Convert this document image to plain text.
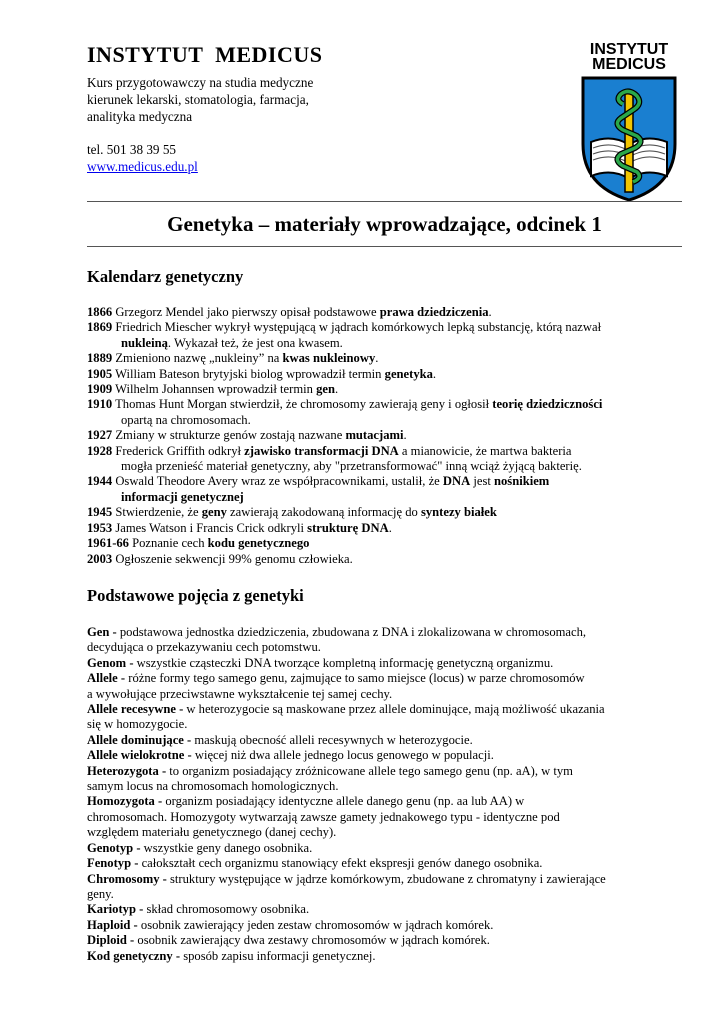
INSTYTUT MEDICUS
Kurs przygotowawczy na studia medyczne
kierunek lekarski, stomatologia, farmacja,
analityka medyczna
tel. 501 38 39 55
www.medicus.edu.pl
INSTYTUT
MEDICUS
Genetyka – materiały wprowadzające, odcinek 1
Kalendarz genetyczny
1866 Grzegorz Mendel jako pierwszy opisał podstawowe prawa dziedziczenia.
1869 Friedrich Miescher wykrył występującą w jądrach komórkowych lepką substancję, którą nazwał
nukleiną. Wykazał też, że jest ona kwasem.
1889 Zmieniono nazwę „nukleiny” na kwas nukleinowy.
1905 William Bateson brytyjski biolog wprowadził termin genetyka.
1909 Wilhelm Johannsen wprowadził termin gen.
1910 Thomas Hunt Morgan stwierdził, że chromosomy zawierają geny i ogłosił teorię dziedziczności
opartą na chromosomach.
1927 Zmiany w strukturze genów zostają nazwane mutacjami.
1928 Frederick Griffith odkrył zjawisko transformacji DNA a mianowicie, że martwa bakteria
mogła przenieść materiał genetyczny, aby "przetransformować" inną wciąż żyjącą bakterię.
1944 Oswald Theodore Avery wraz ze współpracownikami, ustalił, że DNA jest nośnikiem
informacji genetycznej
1945 Stwierdzenie, że geny zawierają zakodowaną informację do syntezy białek
1953 James Watson i Francis Crick odkryli strukturę DNA.
1961-66 Poznanie cech kodu genetycznego
2003 Ogłoszenie sekwencji 99% genomu człowieka.
Podstawowe pojęcia z genetyki
Gen - podstawowa jednostka dziedziczenia, zbudowana z DNA i zlokalizowana w chromosomach,
decydująca o przekazywaniu cech potomstwu.
Genom - wszystkie cząsteczki DNA tworzące kompletną informację genetyczną organizmu.
Allele - różne formy tego samego genu, zajmujące to samo miejsce (locus) w parze chromosomów
a wywołujące przeciwstawne wykształcenie tej samej cechy.
Allele recesywne - w heterozygocie są maskowane przez allele dominujące, mają możliwość ukazania
się w homozygocie.
Allele dominujące - maskują obecność alleli recesywnych w heterozygocie.
Allele wielokrotne - więcej niż dwa allele jednego locus genowego w populacji.
Heterozygota - to organizm posiadający zróżnicowane allele tego samego genu (np. aA), w tym
samym locus na chromosomach homologicznych.
Homozygota - organizm posiadający identyczne allele danego genu (np. aa lub AA) w
chromosomach. Homozygoty wytwarzają zawsze gamety jednakowego typu - identyczne pod
względem materiału genetycznego (danej cechy).
Genotyp - wszystkie geny danego osobnika.
Fenotyp - całokształt cech organizmu stanowiący efekt ekspresji genów danego osobnika.
Chromosomy - struktury występujące w jądrze komórkowym, zbudowane z chromatyny i zawierające
geny.
Kariotyp - skład chromosomowy osobnika.
Haploid - osobnik zawierający jeden zestaw chromosomów w jądrach komórek.
Diploid - osobnik zawierający dwa zestawy chromosomów w jądrach komórek.
Kod genetyczny - sposób zapisu informacji genetycznej.
